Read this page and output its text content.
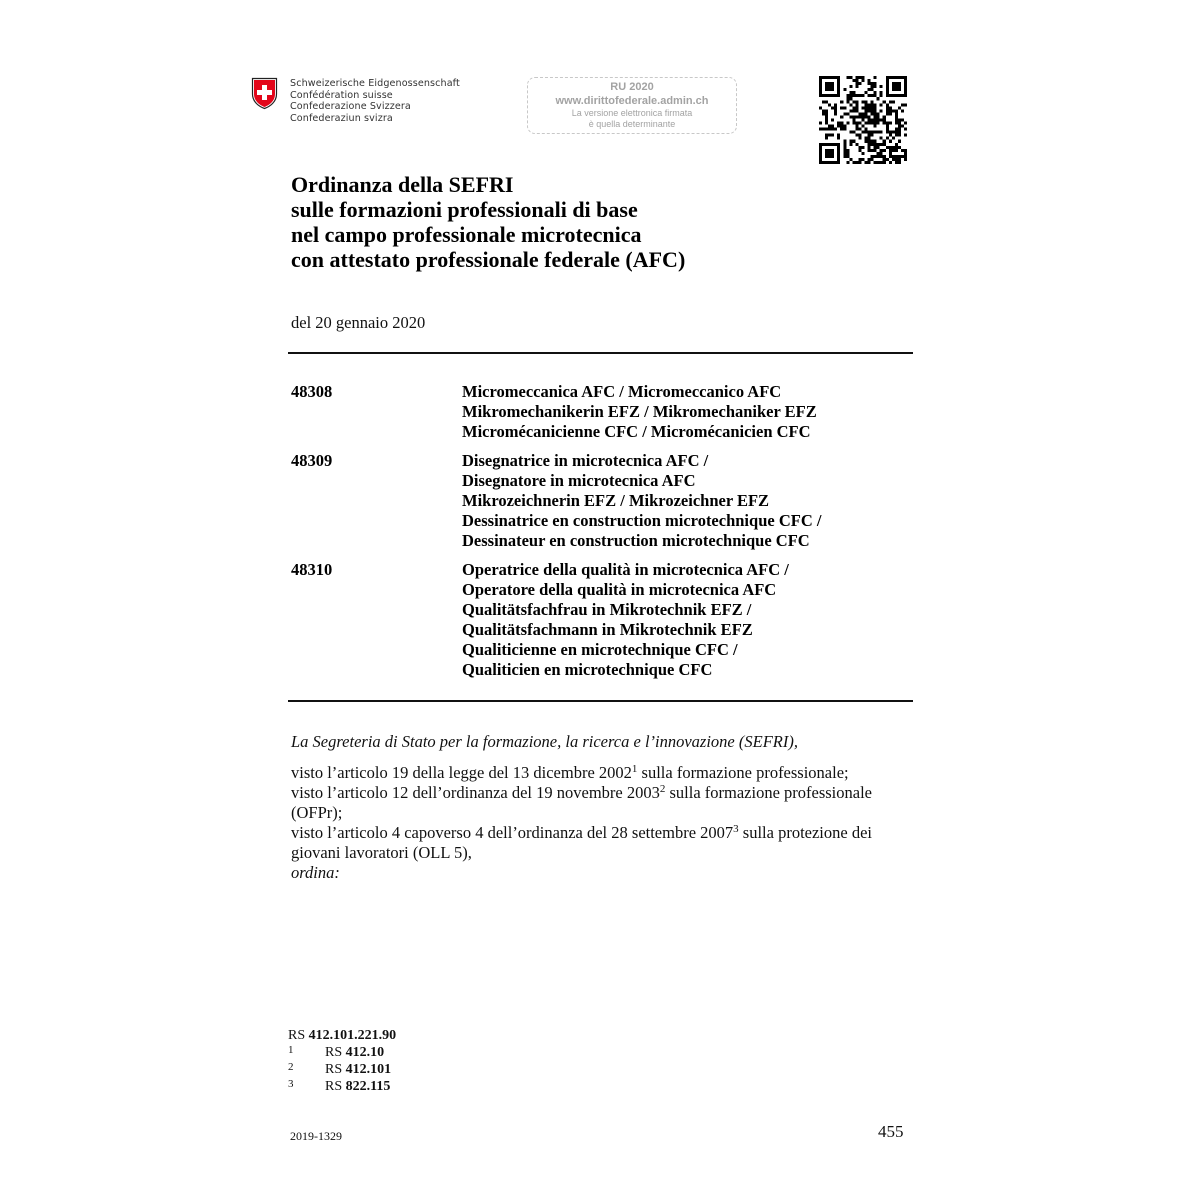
Schweizerische Eidgenossenschaft
Confédération suisse
Confederazione Svizzera
Confederaziun svizra
RU 2020
www.dirittofederale.admin.ch
La versione elettronica firmata
è quella determinante
Ordinanza della SEFRI
sulle formazioni professionali di base
nel campo professionale microtecnica
con attestato professionale federale (AFC)
del 20 gennaio 2020
48308	Micromeccanica AFC / Micromeccanico AFC
Mikromechanikerin EFZ / Mikromechaniker EFZ
Micromécanicienne CFC / Micromécanicien CFC
48309	Disegnatrice in microtecnica AFC /
Disegnatore in microtecnica AFC
Mikrozeichnerin EFZ / Mikrozeichner EFZ
Dessinatrice en construction microtechnique CFC /
Dessinateur en construction microtechnique CFC
48310	Operatrice della qualità in microtecnica AFC /
Operatore della qualità in microtecnica AFC
Qualitätsfachfrau in Mikrotechnik EFZ /
Qualitätsfachmann in Mikrotechnik EFZ
Qualiticienne en microtechnique CFC /
Qualiticien en microtechnique CFC
La Segreteria di Stato per la formazione, la ricerca e l’innovazione (SEFRI),

visto l’articolo 19 della legge del 13 dicembre 2002$^1$ sulla formazione professionale;

visto l’articolo 12 dell’ordinanza del 19 novembre 2003$^2$ sulla formazione professionale (OFPr);

visto l’articolo 4 capoverso 4 dell’ordinanza del 28 settembre 2007$^3$ sulla protezione dei giovani lavoratori (OLL 5),

ordina:
RS 412.101.221.90
1	RS 412.10
2	RS 412.101
3	RS 822.115
2019-1329	455
